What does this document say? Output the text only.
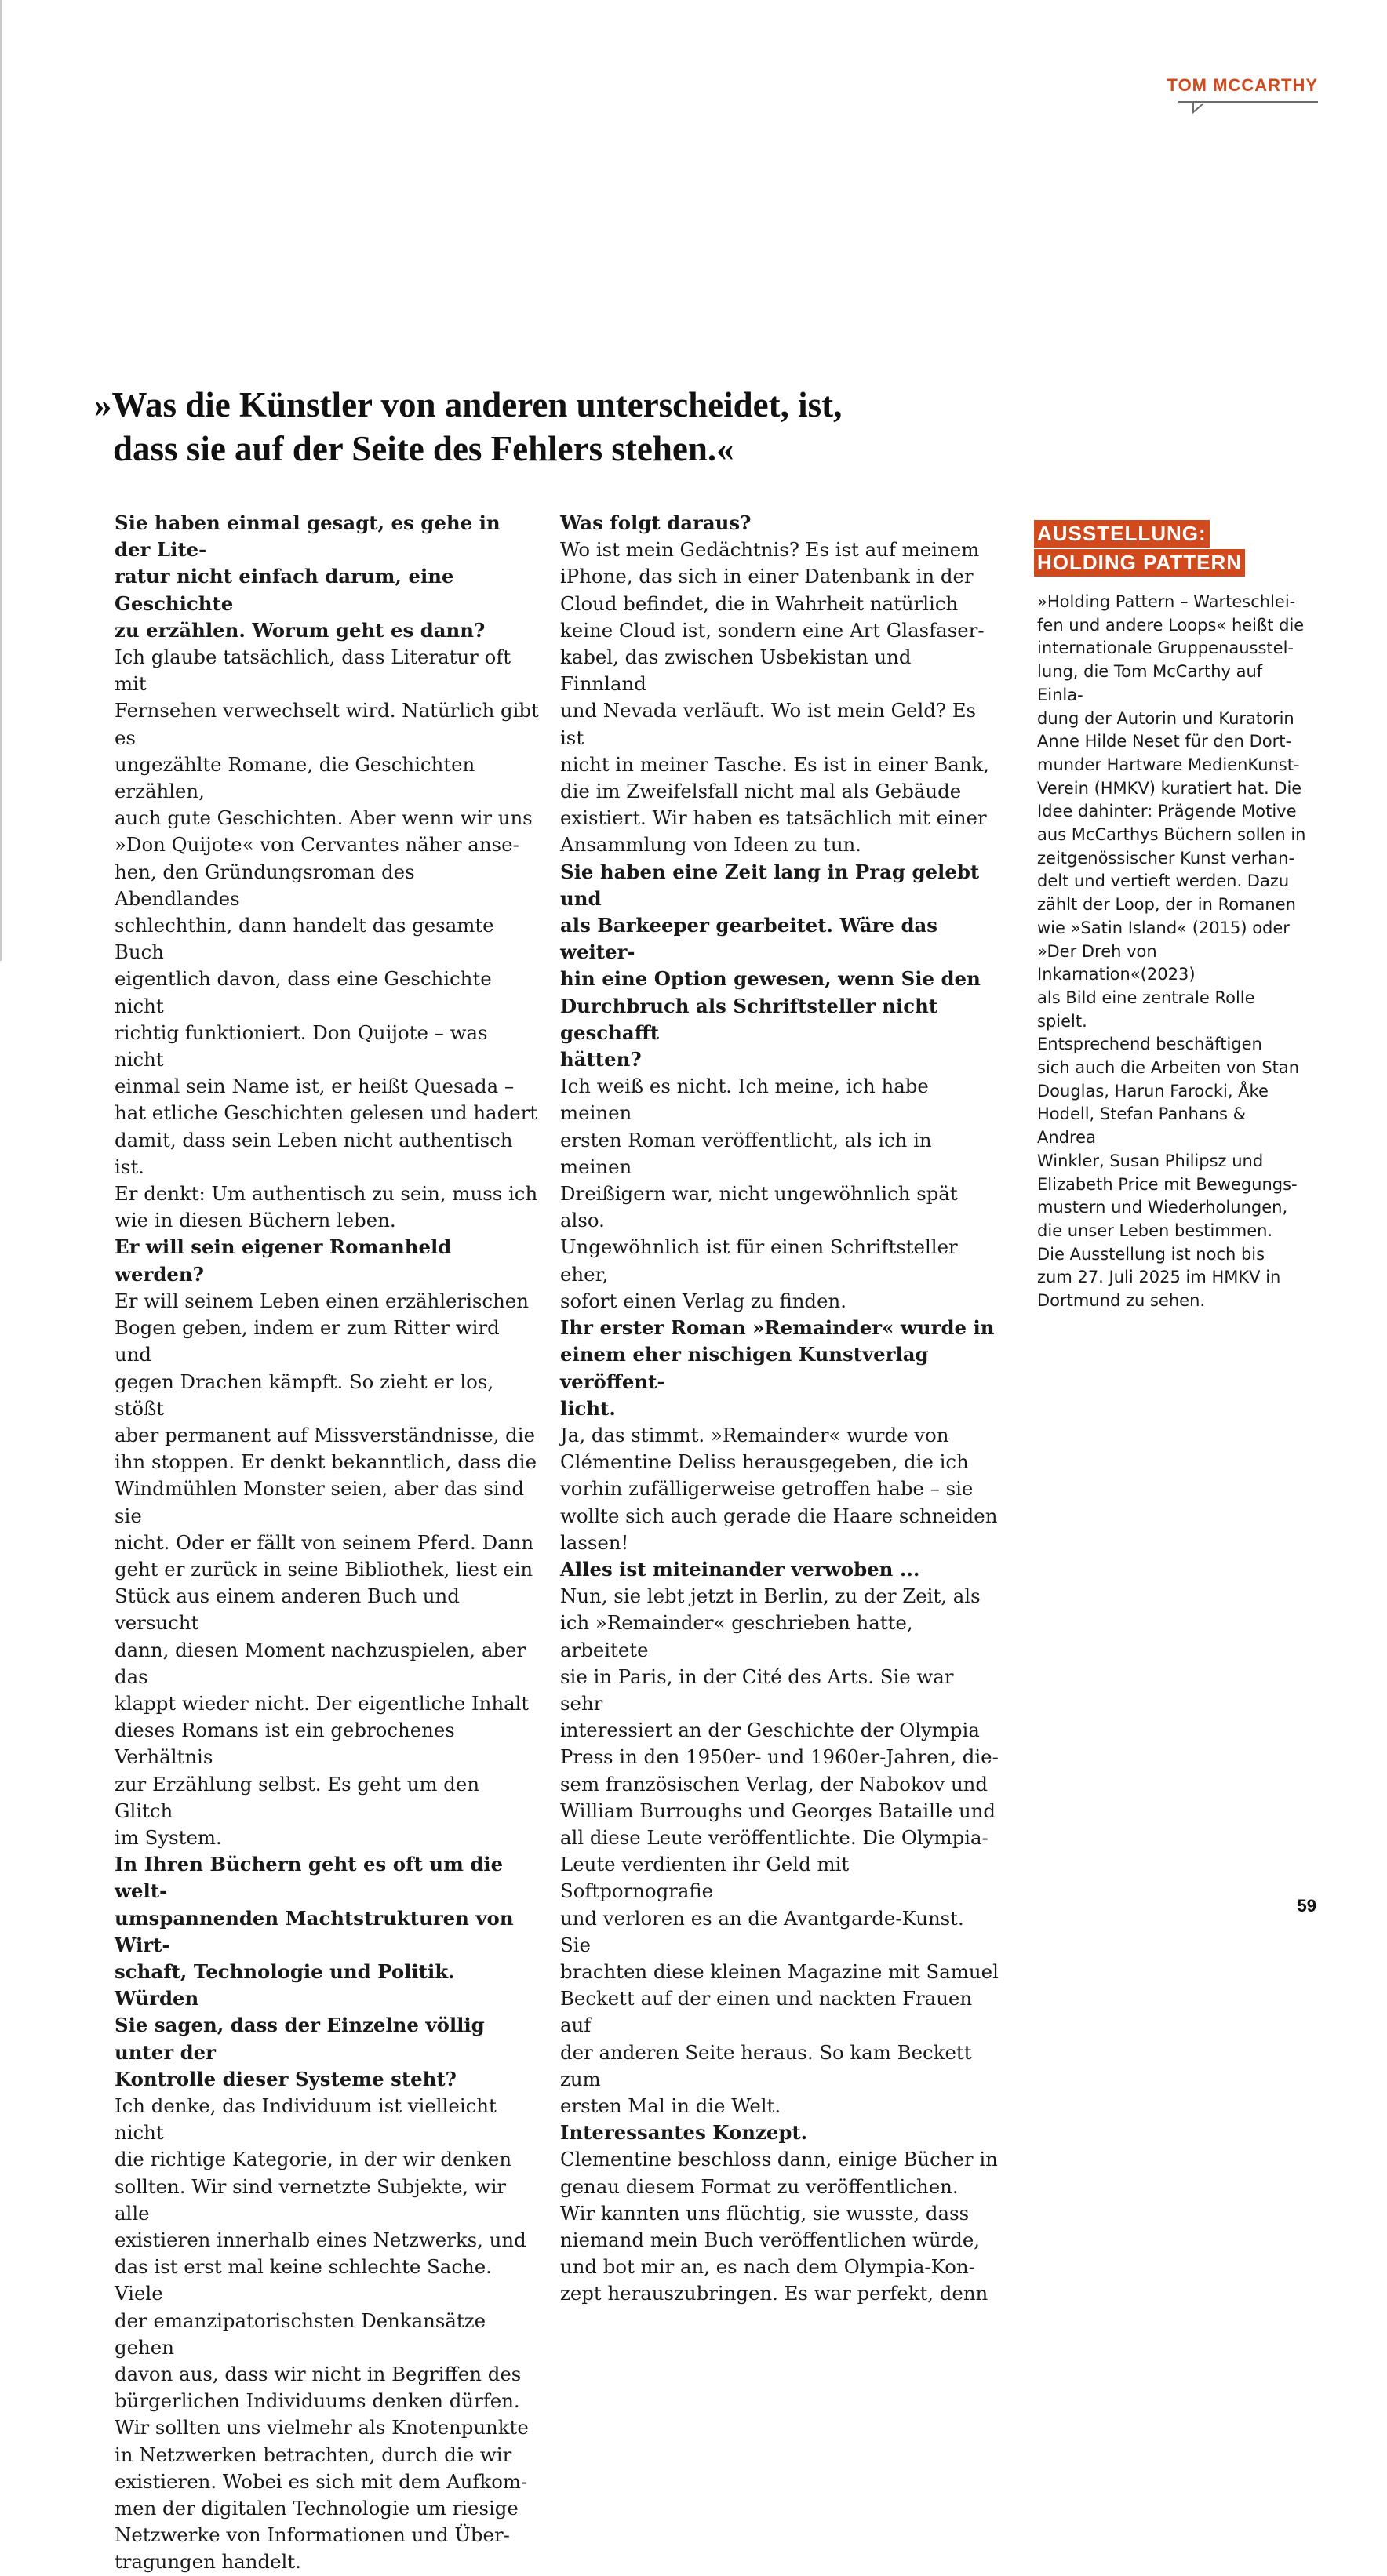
TOM MCCARTHY
»Was die Künstler von anderen unterscheidet, ist,
dass sie auf der Seite des Fehlers stehen.«

Sie haben einmal gesagt, es gehe in der Lite-
ratur nicht einfach darum, eine Geschichte
zu erzählen. Worum geht es dann?

Ich glaube tatsächlich, dass Literatur oft mit
Fernsehen verwechselt wird. Natürlich gibt es
ungezählte Romane, die Geschichten erzählen,
auch gute Geschichten. Aber wenn wir uns
»Don Quijote« von Cervantes näher anse-
hen, den Gründungsroman des Abendlandes
schlechthin, dann handelt das gesamte Buch
eigentlich davon, dass eine Geschichte nicht
richtig funktioniert. Don Quijote – was nicht
einmal sein Name ist, er heißt Quesada –
hat etliche Geschichten gelesen und hadert
damit, dass sein Leben nicht authentisch ist.
Er denkt: Um authentisch zu sein, muss ich
wie in diesen Büchern leben.

Er will sein eigener Romanheld werden?

Er will seinem Leben einen erzählerischen
Bogen geben, indem er zum Ritter wird und
gegen Drachen kämpft. So zieht er los, stößt
aber permanent auf Missverständnisse, die
ihn stoppen. Er denkt bekanntlich, dass die
Windmühlen Monster seien, aber das sind sie
nicht. Oder er fällt von seinem Pferd. Dann
geht er zurück in seine Bibliothek, liest ein
Stück aus einem anderen Buch und versucht
dann, diesen Moment nachzuspielen, aber das
klappt wieder nicht. Der eigentliche Inhalt
dieses Romans ist ein gebrochenes Verhältnis
zur Erzählung selbst. Es geht um den Glitch
im System.

In Ihren Büchern geht es oft um die welt-
umspannenden Machtstrukturen von Wirt-
schaft, Technologie und Politik. Würden
Sie sagen, dass der Einzelne völlig unter der
Kontrolle dieser Systeme steht?

Ich denke, das Individuum ist vielleicht nicht
die richtige Kategorie, in der wir denken
sollten. Wir sind vernetzte Subjekte, wir alle
existieren innerhalb eines Netzwerks, und
das ist erst mal keine schlechte Sache. Viele
der emanzipatorischsten Denkansätze gehen
davon aus, dass wir nicht in Begriffen des
bürgerlichen Individuums denken dürfen.
Wir sollten uns vielmehr als Knotenpunkte
in Netzwerken betrachten, durch die wir
existieren. Wobei es sich mit dem Aufkom-
men der digitalen Technologie um riesige
Netzwerke von Informationen und Über-
tragungen handelt.

Was folgt daraus?

Wo ist mein Gedächtnis? Es ist auf meinem
iPhone, das sich in einer Datenbank in der
Cloud befindet, die in Wahrheit natürlich
keine Cloud ist, sondern eine Art Glasfaser-
kabel, das zwischen Usbekistan und Finnland
und Nevada verläuft. Wo ist mein Geld? Es ist
nicht in meiner Tasche. Es ist in einer Bank,
die im Zweifelsfall nicht mal als Gebäude
existiert. Wir haben es tatsächlich mit einer
Ansammlung von Ideen zu tun.

Sie haben eine Zeit lang in Prag gelebt und
als Barkeeper gearbeitet. Wäre das weiter-
hin eine Option gewesen, wenn Sie den
Durchbruch als Schriftsteller nicht geschafft
hätten?

Ich weiß es nicht. Ich meine, ich habe meinen
ersten Roman veröffentlicht, als ich in meinen
Dreißigern war, nicht ungewöhnlich spät also.
Ungewöhnlich ist für einen Schriftsteller eher,
sofort einen Verlag zu finden.

Ihr erster Roman »Remainder« wurde in
einem eher nischigen Kunstverlag veröffent-
licht.

Ja, das stimmt. »Remainder« wurde von
Clémentine Deliss herausgegeben, die ich
vorhin zufälligerweise getroffen habe – sie
wollte sich auch gerade die Haare schneiden
lassen!

Alles ist miteinander verwoben ...

Nun, sie lebt jetzt in Berlin, zu der Zeit, als
ich »Remainder« geschrieben hatte, arbeitete
sie in Paris, in der Cité des Arts. Sie war sehr
interessiert an der Geschichte der Olympia
Press in den 1950er- und 1960er-Jahren, die-
sem französischen Verlag, der Nabokov und
William Burroughs und Georges Bataille und
all diese Leute veröffentlichte. Die Olympia-
Leute verdienten ihr Geld mit Softpornografie
und verloren es an die Avantgarde-Kunst. Sie
brachten diese kleinen Magazine mit Samuel
Beckett auf der einen und nackten Frauen auf
der anderen Seite heraus. So kam Beckett zum
ersten Mal in die Welt.

Interessantes Konzept.

Clementine beschloss dann, einige Bücher in
genau diesem Format zu veröffentlichen.
Wir kannten uns flüchtig, sie wusste, dass
niemand mein Buch veröffentlichen würde,
und bot mir an, es nach dem Olympia-Kon-
zept herauszubringen. Es war perfekt, denn

AUSSTELLUNG:
HOLDING PATTERN

»Holding Pattern – Warteschlei-
fen und andere Loops« heißt die
internationale Gruppenausstel-
lung, die Tom McCarthy auf Einla-
dung der Autorin und Kuratorin
Anne Hilde Neset für den Dort-
munder Hartware MedienKunst-
Verein (HMKV) kuratiert hat. Die
Idee dahinter: Prägende Motive
aus McCarthys Büchern sollen in
zeitgenössischer Kunst verhan-
delt und vertieft werden. Dazu
zählt der Loop, der in Romanen
wie »Satin Island« (2015) oder
»Der Dreh von Inkarnation«(2023)
als Bild eine zentrale Rolle spielt.
Entsprechend beschäftigen
sich auch die Arbeiten von Stan
Douglas, Harun Farocki, Åke
Hodell, Stefan Panhans & Andrea
Winkler, Susan Philipsz und
Elizabeth Price mit Bewegungs-
mustern und Wiederholungen,
die unser Leben bestimmen.
Die Ausstellung ist noch bis
zum 27. Juli 2025 im HMKV in
Dortmund zu sehen.

59
